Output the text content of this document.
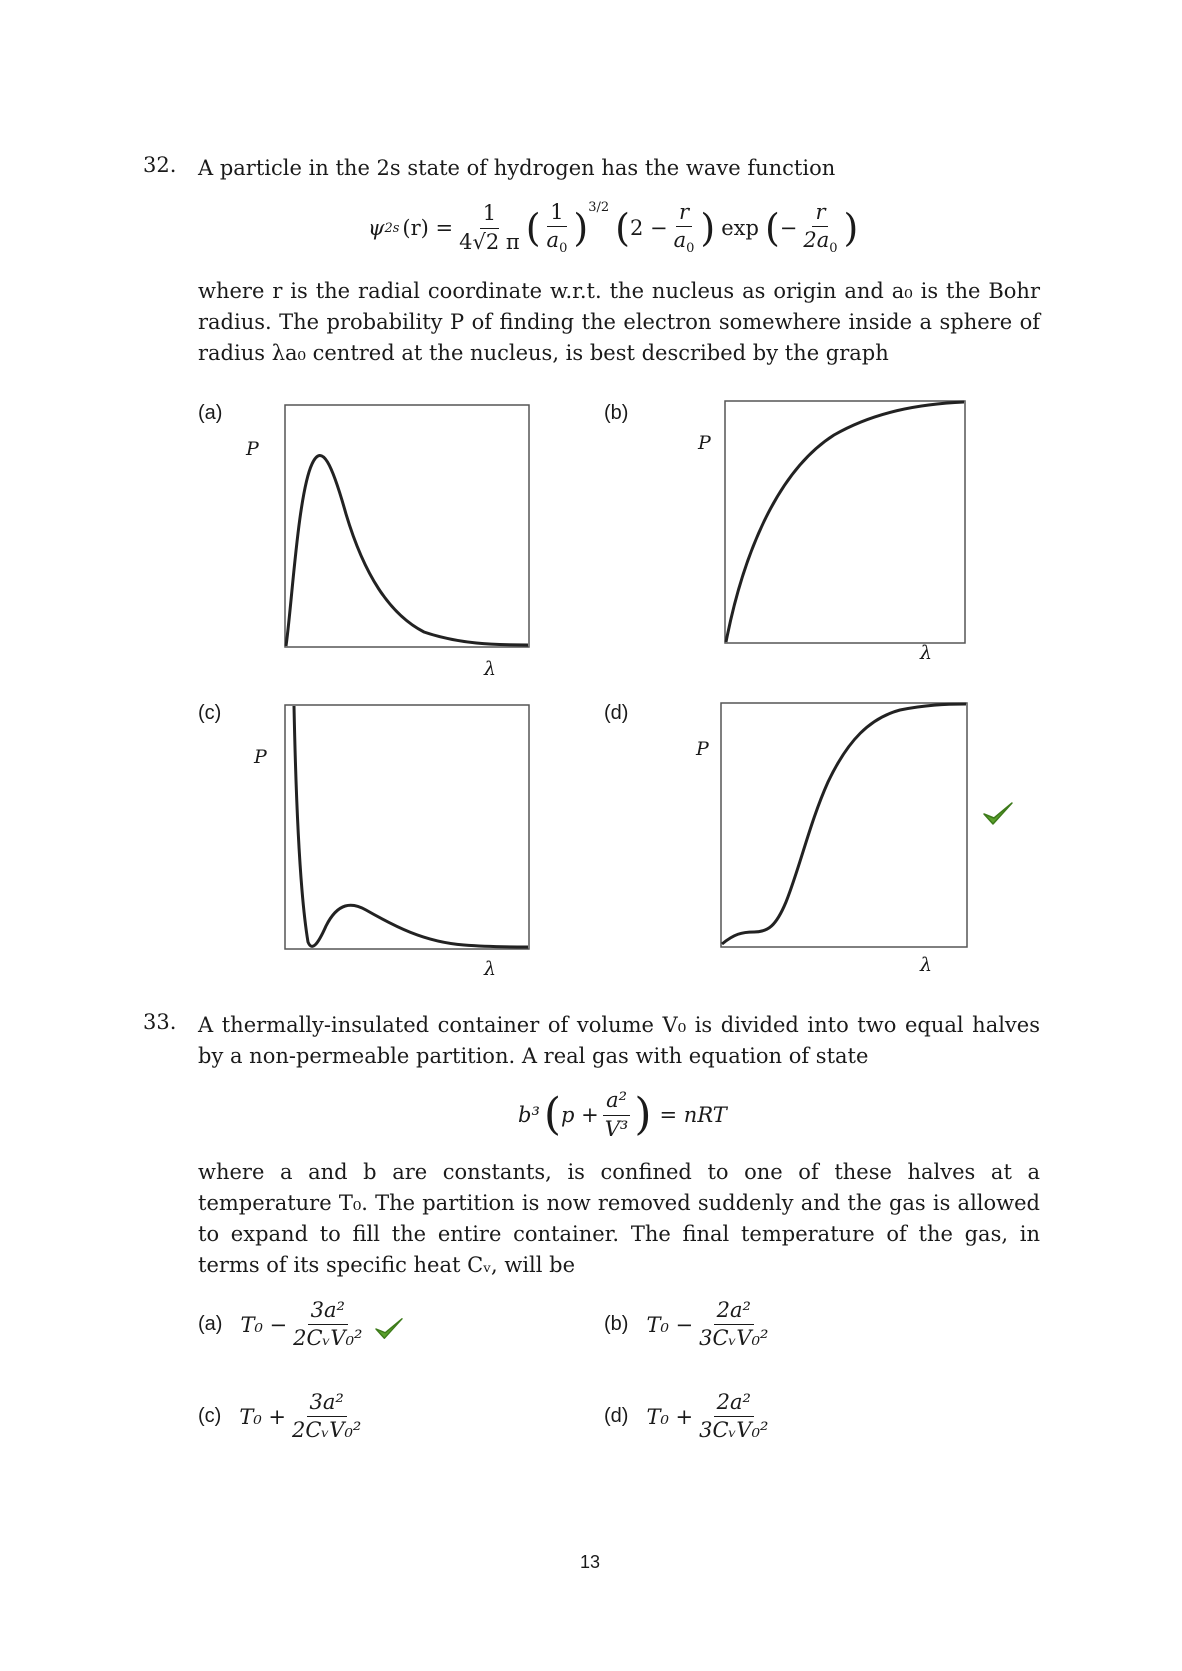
32. A particle in the 2s state of hydrogen has the wave function
ψ 2s $(r) = \frac{1}{4√2 \pi}$ ( $\frac{1}{a_0} )^{3/2}$ ( $2 - \frac{r}{a_0}$ ) exp ( − $\frac{r}{2a_0}$ )
where r is the radial coordinate w.r.t. the nucleus as origin and a₀ is the Bohr
radius. The probability P of finding the electron somewhere inside a sphere of
radius λa₀ centred at the nucleus, is best described by the graph
(a)
P
λ
(b)
P
λ
(c)
P
λ
(d)
P
λ
33. A thermally-insulated container of volume V₀ is divided into two equal halves
by a non-permeable partition. A real gas with equation of state
b³ ( $p + \frac{\text{a²}}{\text{V³}}$ ) = nRT
where a and b are constants, is confined to one of these halves at a
temperature T₀. The partition is now removed suddenly and the gas is allowed
to expand to fill the entire container. The final temperature of the gas, in
terms of its specific heat Cᵥ, will be
(a) $T_0 - \frac{\text{3a²}}{\text{2CᵥV₀²}}$	(b) $T_0 - \frac{\text{2a²}}{\text{3CᵥV₀²}}$
(c) $T_0 + \frac{\text{3a²}}{\text{2CᵥV₀²}}$	(d) $T_0 + \frac{\text{2a²}}{\text{3CᵥV₀²}}$
13
